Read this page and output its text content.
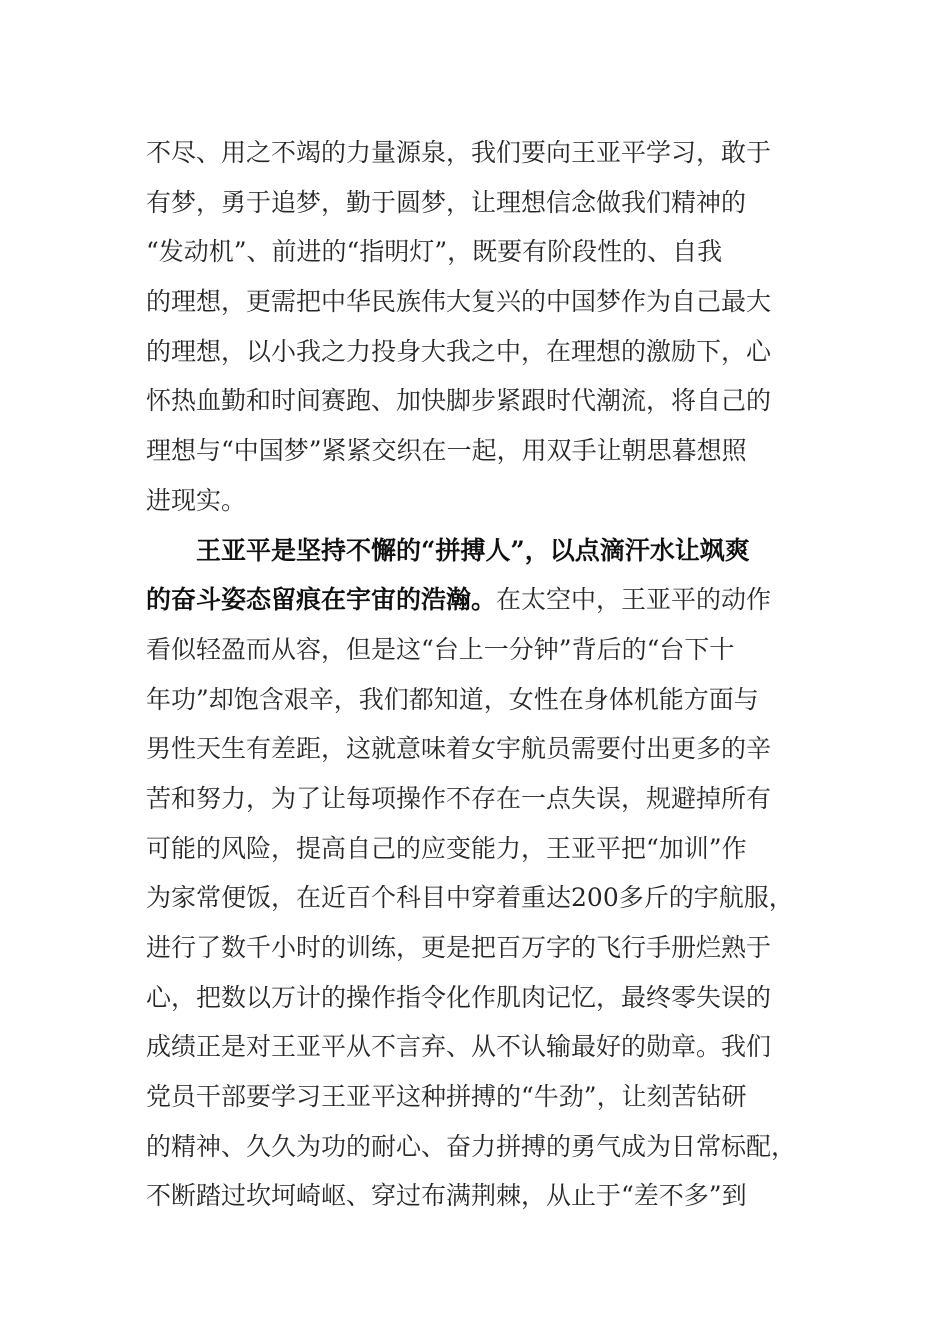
不尽、用之不竭的力量源泉，我们要向王亚平学习，敢于
有梦，勇于追梦，勤于圆梦，让理想信念做我们精神的
“发动机”、前进的“指明灯”，既要有阶段性的、自我
的理想，更需把中华民族伟大复兴的中国梦作为自己最大
的理想，以小我之力投身大我之中，在理想的激励下，心
怀热血勤和时间赛跑、加快脚步紧跟时代潮流，将自己的
理想与“中国梦”紧紧交织在一起，用双手让朝思暮想照
进现实。
王亚平是坚持不懈的“拼搏人”，以点滴汗水让飒爽
的奋斗姿态留痕在宇宙的浩瀚。在太空中，王亚平的动作
看似轻盈而从容，但是这“台上一分钟”背后的“台下十
年功”却饱含艰辛，我们都知道，女性在身体机能方面与
男性天生有差距，这就意味着女宇航员需要付出更多的辛
苦和努力，为了让每项操作不存在一点失误，规避掉所有
可能的风险，提高自己的应变能力，王亚平把“加训”作
为家常便饭，在近百个科目中穿着重达200多斤的宇航服，
进行了数千小时的训练，更是把百万字的飞行手册烂熟于
心，把数以万计的操作指令化作肌肉记忆，最终零失误的
成绩正是对王亚平从不言弃、从不认输最好的勋章。我们
党员干部要学习王亚平这种拼搏的“牛劲”，让刻苦钻研
的精神、久久为功的耐心、奋力拼搏的勇气成为日常标配，
不断踏过坎坷崎岖、穿过布满荆棘，从止于“差不多”到
